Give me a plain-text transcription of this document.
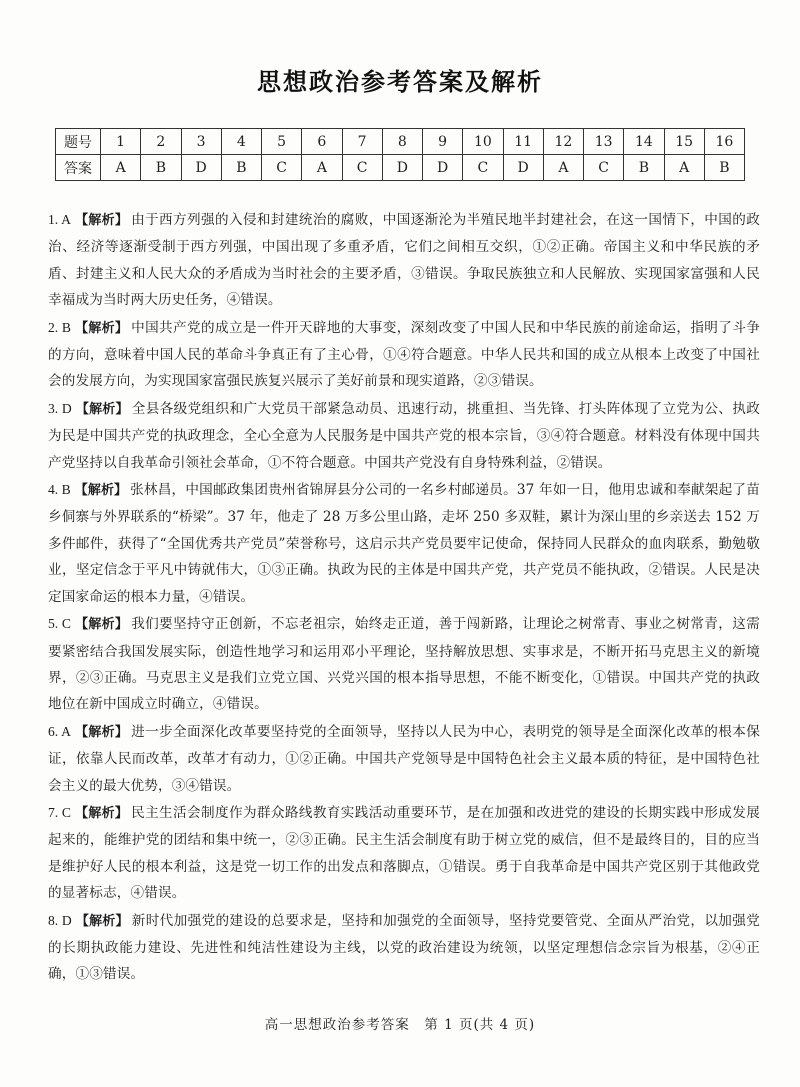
思想政治参考答案及解析
题号	1	2	3	4	5	6	7	8	9	10	11	12	13	14	15	16
答案	A	B	D	B	C	A	C	D	D	C	D	A	C	B	A	B
1. A 【解析】 由于西方列强的入侵和封建统治的腐败，中国逐渐沦为半殖民地半封建社会，在这一国情下，中国的政治、经济等逐渐受制于西方列强，中国出现了多重矛盾，它们之间相互交织，①②正确。帝国主义和中华民族的矛盾、封建主义和人民大众的矛盾成为当时社会的主要矛盾，③错误。争取民族独立和人民解放、实现国家富强和人民幸福成为当时两大历史任务，④错误。
2. B 【解析】 中国共产党的成立是一件开天辟地的大事变，深刻改变了中国人民和中华民族的前途命运，指明了斗争的方向，意味着中国人民的革命斗争真正有了主心骨，①④符合题意。中华人民共和国的成立从根本上改变了中国社会的发展方向，为实现国家富强民族复兴展示了美好前景和现实道路，②③错误。
3. D 【解析】 全县各级党组织和广大党员干部紧急动员、迅速行动，挑重担、当先锋、打头阵体现了立党为公、执政为民是中国共产党的执政理念，全心全意为人民服务是中国共产党的根本宗旨，③④符合题意。材料没有体现中国共产党坚持以自我革命引领社会革命，①不符合题意。中国共产党没有自身特殊利益，②错误。
4. B 【解析】 张林昌，中国邮政集团贵州省锦屏县分公司的一名乡村邮递员。37 年如一日，他用忠诚和奉献架起了苗乡侗寨与外界联系的“桥梁”。37 年，他走了 28 万多公里山路，走坏 250 多双鞋，累计为深山里的乡亲送去 152 万多件邮件，获得了“全国优秀共产党员”荣誉称号，这启示共产党员要牢记使命，保持同人民群众的血肉联系，勤勉敬业，坚定信念于平凡中铸就伟大，①③正确。执政为民的主体是中国共产党，共产党员不能执政，②错误。人民是决定国家命运的根本力量，④错误。
5. C 【解析】 我们要坚持守正创新，不忘老祖宗，始终走正道，善于闯新路，让理论之树常青、事业之树常青，这需要紧密结合我国发展实际，创造性地学习和运用邓小平理论，坚持解放思想、实事求是，不断开拓马克思主义的新境界，②③正确。马克思主义是我们立党立国、兴党兴国的根本指导思想，不能不断变化，①错误。中国共产党的执政地位在新中国成立时确立，④错误。
6. A 【解析】 进一步全面深化改革要坚持党的全面领导，坚持以人民为中心，表明党的领导是全面深化改革的根本保证，依靠人民而改革，改革才有动力，①②正确。中国共产党领导是中国特色社会主义最本质的特征，是中国特色社会主义的最大优势，③④错误。
7. C 【解析】 民主生活会制度作为群众路线教育实践活动重要环节，是在加强和改进党的建设的长期实践中形成发展起来的，能维护党的团结和集中统一，②③正确。民主生活会制度有助于树立党的威信，但不是最终目的，目的应当是维护好人民的根本利益，这是党一切工作的出发点和落脚点，①错误。勇于自我革命是中国共产党区别于其他政党的显著标志，④错误。
8. D 【解析】 新时代加强党的建设的总要求是，坚持和加强党的全面领导，坚持党要管党、全面从严治党，以加强党的长期执政能力建设、先进性和纯洁性建设为主线，以党的政治建设为统领，以坚定理想信念宗旨为根基，②④正确，①③错误。
高一思想政治参考答案　第 1 页(共 4 页)
